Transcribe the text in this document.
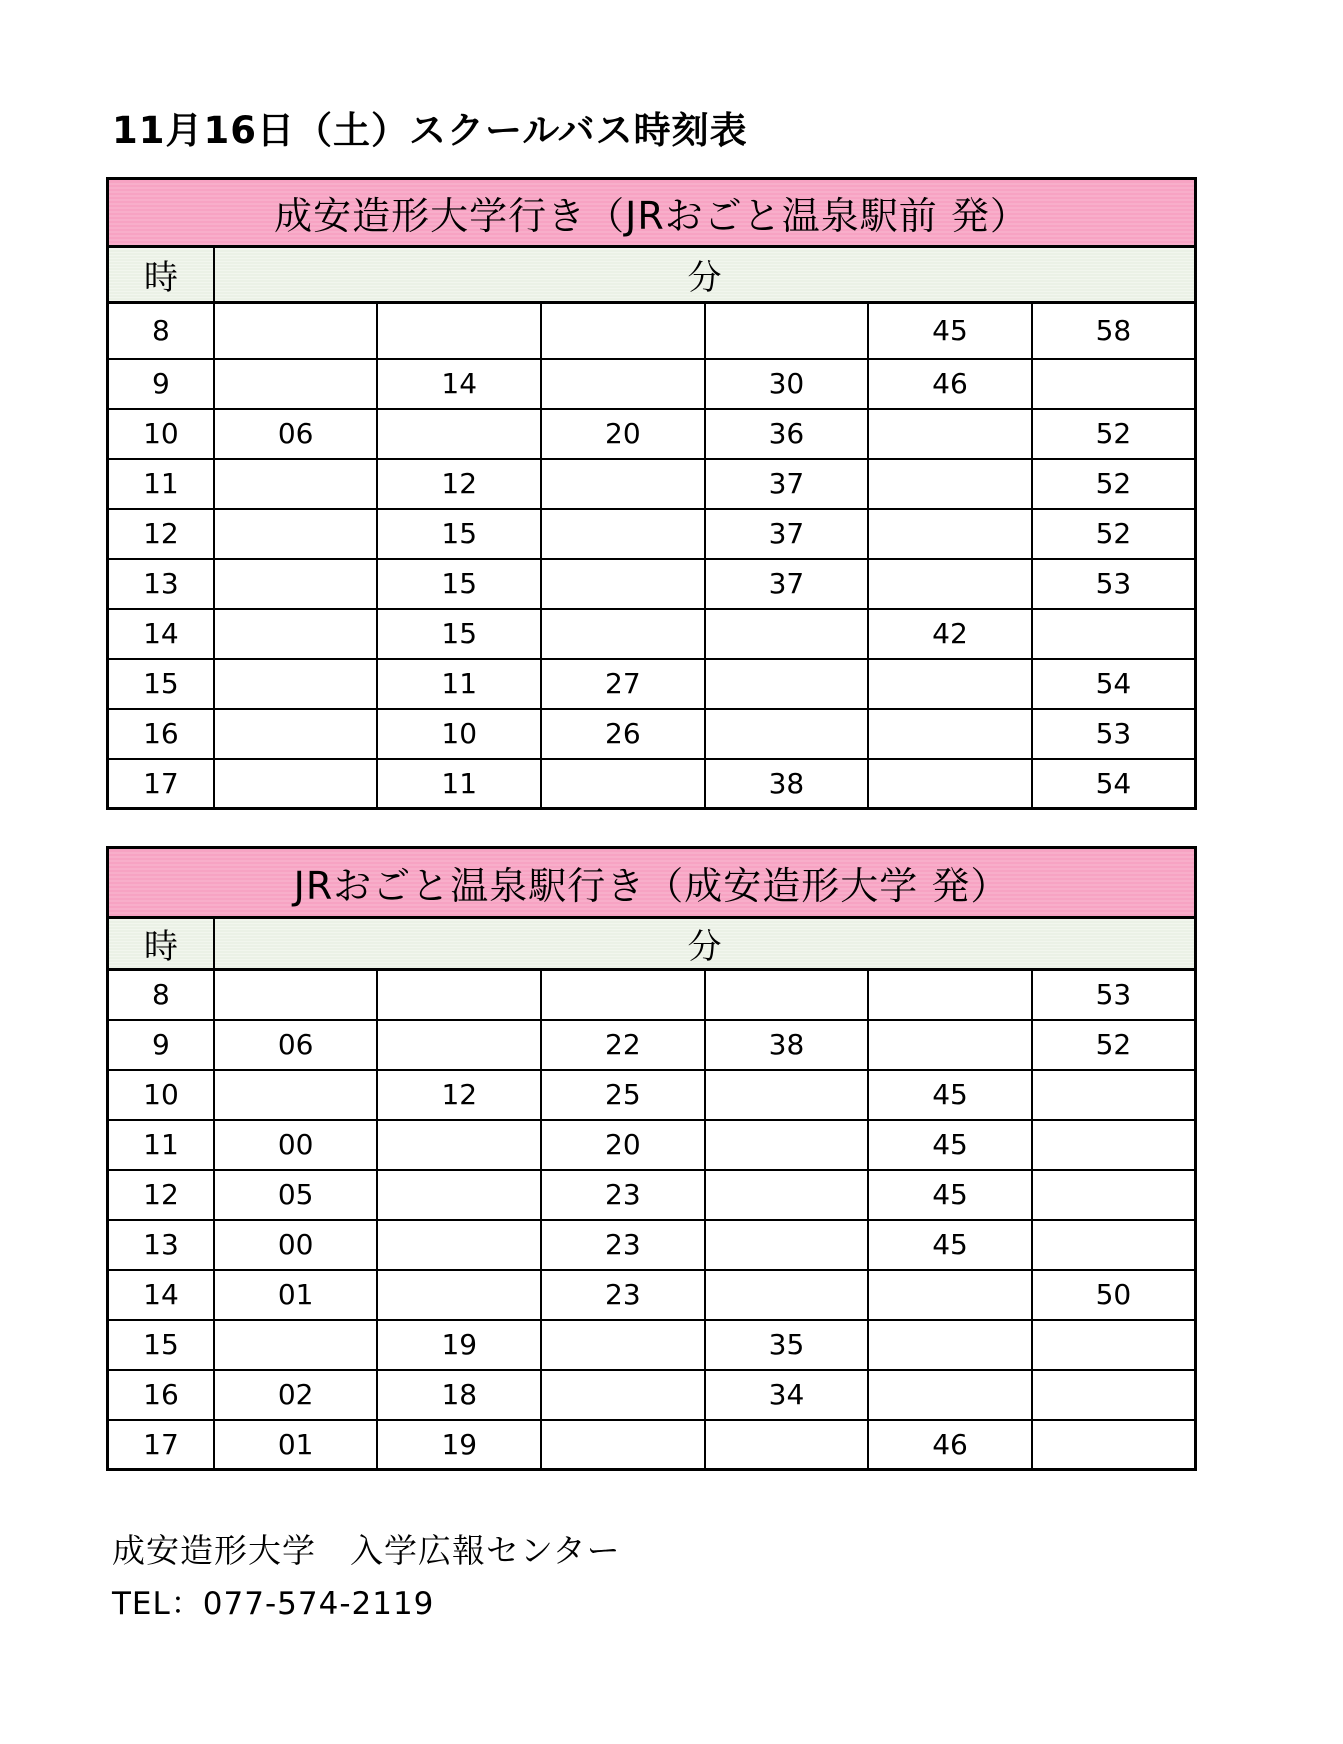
11月16日（土）スクールバス時刻表
成安造形大学行き（JRおごと温泉駅前 発）						
時	分					
8					45	58
9		14		30	46	
10	06		20	36		52
11		12		37		52
12		15		37		52
13		15		37		53
14		15			42	
15		11	27			54
16		10	26			53
17		11		38		54
JRおごと温泉駅行き（成安造形大学 発）						
時	分					
8						53
9	06		22	38		52
10		12	25		45	
11	00		20		45	
12	05		23		45	
13	00		23		45	
14	01		23			50
15		19		35		
16	02	18		34		
17	01	19			46	
成安造形大学　入学広報センター
TEL：077-574-2119
